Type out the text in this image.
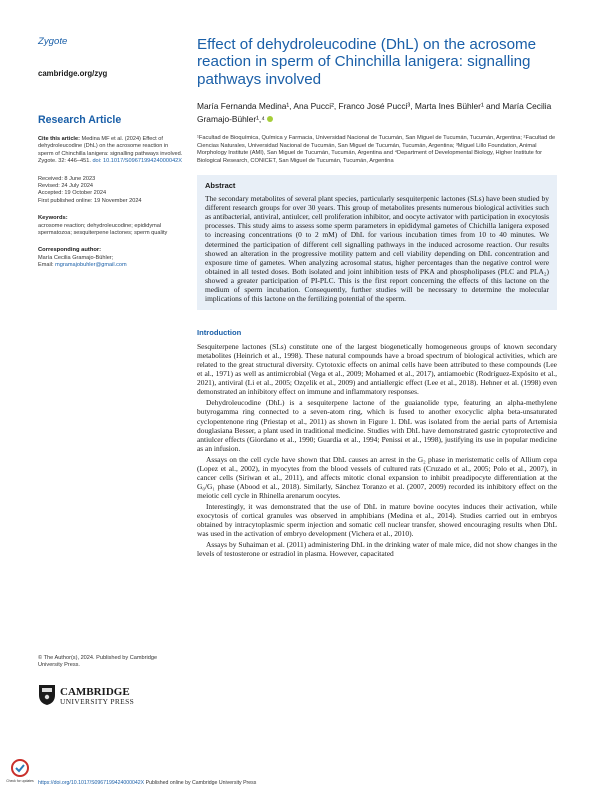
Zygote
cambridge.org/zyg
Research Article
Cite this article: Medina MF et al. (2024) Effect of dehydroleucodine (DhL) on the acrosome reaction in sperm of Chinchilla lanigera: signalling pathways involved. Zygote. 32: 446–451. doi: 10.1017/S0967199424000042X
Received: 8 June 2023
Revised: 24 July 2024
Accepted: 19 October 2024
First published online: 19 November 2024
Keywords:
acrosome reaction; dehydroleucodine; epididymal spermatozoa; sesquiterpene lactones; sperm quality
Corresponding author:
María Cecilia Gramajo-Bühler;
Email: mgramajobuhler@gmail.com
© The Author(s), 2024. Published by Cambridge University Press.
CAMBRIDGE
UNIVERSITY PRESS
Check for updates
Effect of dehydroleucodine (DhL) on the acrosome reaction in sperm of Chinchilla lanigera: signalling pathways involved
María Fernanda Medina¹, Ana Pucci², Franco José Pucci³, Marta Ines Bühler¹ and María Cecilia Gramajo-Bühler¹,⁴
¹Facultad de Bioquímica, Química y Farmacia, Universidad Nacional de Tucumán, San Miguel de Tucumán, Tucumán, Argentina; ²Facultad de Ciencias Naturales, Universidad Nacional de Tucumán, San Miguel de Tucumán, Tucumán, Argentina; ³Miguel Lillo Foundation, Animal Morphology Institute (AMI), San Miguel de Tucumán, Tucumán, Argentina and ⁴Department of Developmental Biology, Higher Institute for Biological Research, CONICET, San Miguel de Tucumán, Tucumán, Argentina
Abstract
The secondary metabolites of several plant species, particularly sesquiterpenic lactones (SLs) have been studied by different research groups for over 30 years. This group of metabolites presents numerous biological activities such as antibacterial, antiviral, antiulcer, cell proliferation inhibitor, and oocyte activator with participation in exocytosis processes. This study aims to assess some sperm parameters in epididymal gametes of Chichilla lanigera exposed to increasing concentrations (0 to 2 mM) of DhL for various incubation times from 10 to 40 minutes. We determined the participation of different cell signalling pathways in the induced acrosome reaction. Our results showed an alteration in the progressive motility pattern and cell viability depending on DhL concentration and exposure time of gametes. When analyzing acrosomal status, higher percentages than the negative control were obtained in all tested doses. Both isolated and joint inhibition tests of PKA and phospholipases (PLC and PLA₂) showed a greater participation of PI-PLC. This is the first report concerning the effects of this lactone on the medium of sperm incubation. Consequently, further studies will be necessary to determine the molecular implications of this lactone on the fertilizing potential of the sperm.
Introduction

Sesquiterpene lactones (SLs) constitute one of the largest biogenetically homogeneous groups of known secondary metabolites (Heinrich et al., 1998). These natural compounds have a broad spectrum of biological activities, which are related to the great structural diversity. Cytotoxic effects on animal cells have been attributed to these compounds (Lee et al., 1971) as well as antimicrobial (Vega et al., 2009; Mohamed et al., 2017), antiamoebic (Rodríguez-Expósito et al., 2021), antiviral (Li et al., 2005; Ozçelik et al., 2009) and antiallergic effect (Lee et al., 2018). Hehner et al. (1998) even demonstrated an inhibitory effect on immune and inflammatory responses.

Dehydroleucodine (DhL) is a sesquiterpene lactone of the guaianolide type, featuring an alpha-methylene butyrogamma ring connected to a seven-atom ring, which is fused to another exocyclic alpha beta-unsaturated cyclopentenone ring (Priestap et al., 2011) as shown in Figure 1. DhL was isolated from the aerial parts of Artemisia douglasiana Besser, a plant used in traditional medicine. Studies with DhL have demonstrated gastric cytoprotective and antiulcer effects (Giordano et al., 1990; Guardia et al., 1994; Penissi et al., 1998), justifying its use in popular medicine as an infusion.

Assays on the cell cycle have shown that DhL causes an arrest in the G₂ phase in meristematic cells of Allium cepa (Lopez et al., 2002), in myocytes from the blood vessels of cultured rats (Cruzado et al., 2005; Polo et al., 2007), in cancer cells (Siriwan et al., 2011), and affects mitotic clonal expansion to inhibit preadipocyte differentiation at the G₀/G₁ phase (Abood et al., 2018). Similarly, Sánchez Toranzo et al. (2007, 2009) recorded its inhibitory effect on the meiotic cell cycle in Rhinella arenarum oocytes.

Interestingly, it was demonstrated that the use of DhL in mature bovine oocytes induces their activation, while exocytosis of cortical granules was observed in amphibians (Medina et al., 2014). Studies carried out in embryos obtained by intracytoplasmic sperm injection and somatic cell nuclear transfer, showed encouraging results when DhL was used in the activation of embryo development (Vichera et al., 2010).

Assays by Suhaiman et al. (2011) administering DhL in the drinking water of male mice, did not show changes in the levels of testosterone or estradiol in plasma. However, capacitated

https://doi.org/10.1017/S0967199424000042X Published online by Cambridge University Press
